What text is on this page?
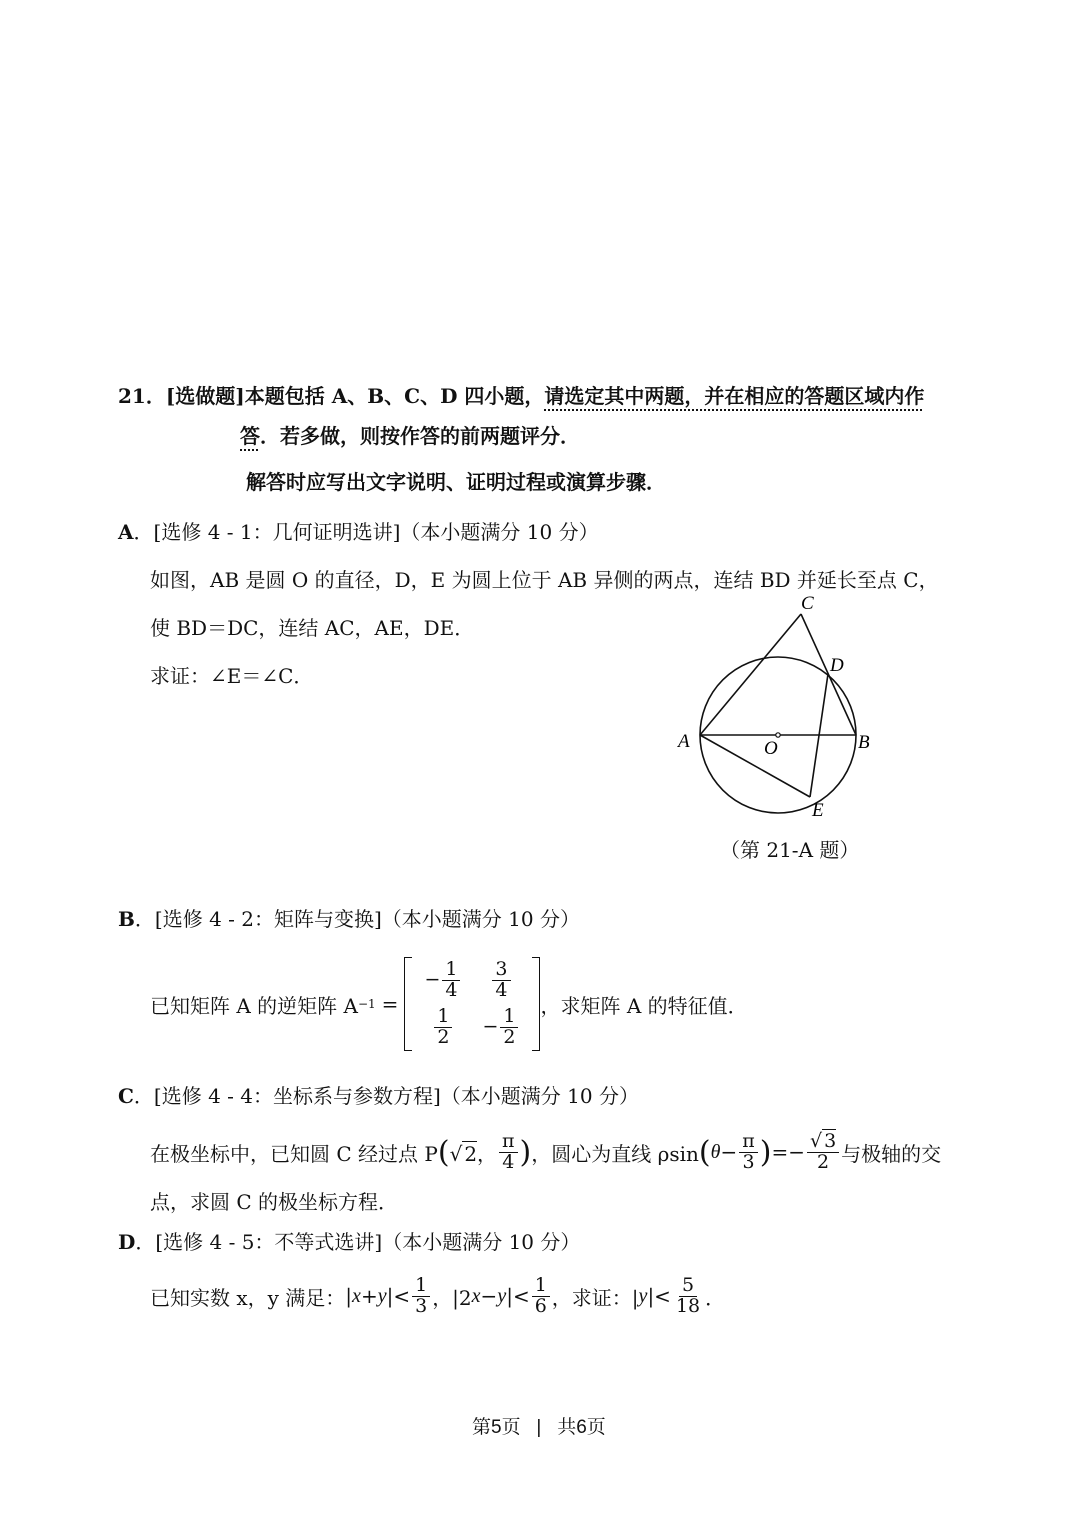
21．[选做题]本题包括 A、B、C、D 四小题，请选定其中两题，并在相应的答题区域内作
答．若多做，则按作答的前两题评分．
解答时应写出文字说明、证明过程或演算步骤．
A．[选修 4 - 1：几何证明选讲]（本小题满分 10 分）
如图，AB 是圆 O 的直径，D，E 为圆上位于 AB 异侧的两点，连结 BD 并延长至点 C，
使 BD＝DC，连结 AC，AE，DE．
求证：∠E＝∠C．
A	B
C
D
E
O
（第 21-A 题）
B．[选修 4 - 2：矩阵与变换]（本小题满分 10 分）
已知矩阵 A 的逆矩阵 A −1 =
− $\frac{1}{4}$	$\frac{3}{4}$

$\frac{1}{2}$	− $\frac{1}{2}$
，求矩阵 A 的特征值．
C．[选修 4 - 4：坐标系与参数方程]（本小题满分 10 分）
在极坐标中，已知圆 C 经过点 P ( √ 2， $\frac{\pi}{4}$ ) ，圆心为直线 ρsin ( $\theta - \frac{\pi}{3}$ ) =− $\frac{√ 3}{2}$ 与极轴的交
点，求圆 C 的极坐标方程．
D．[选修 4 - 5：不等式选讲]（本小题满分 10 分）
已知实数 x，y 满足： | x + y |< $\frac{1}{3}$ ，|2 x − y |< $\frac{1}{6}$ ，求证：| y |< $\frac{5}{18}$ ．
第5页 | 共6页
